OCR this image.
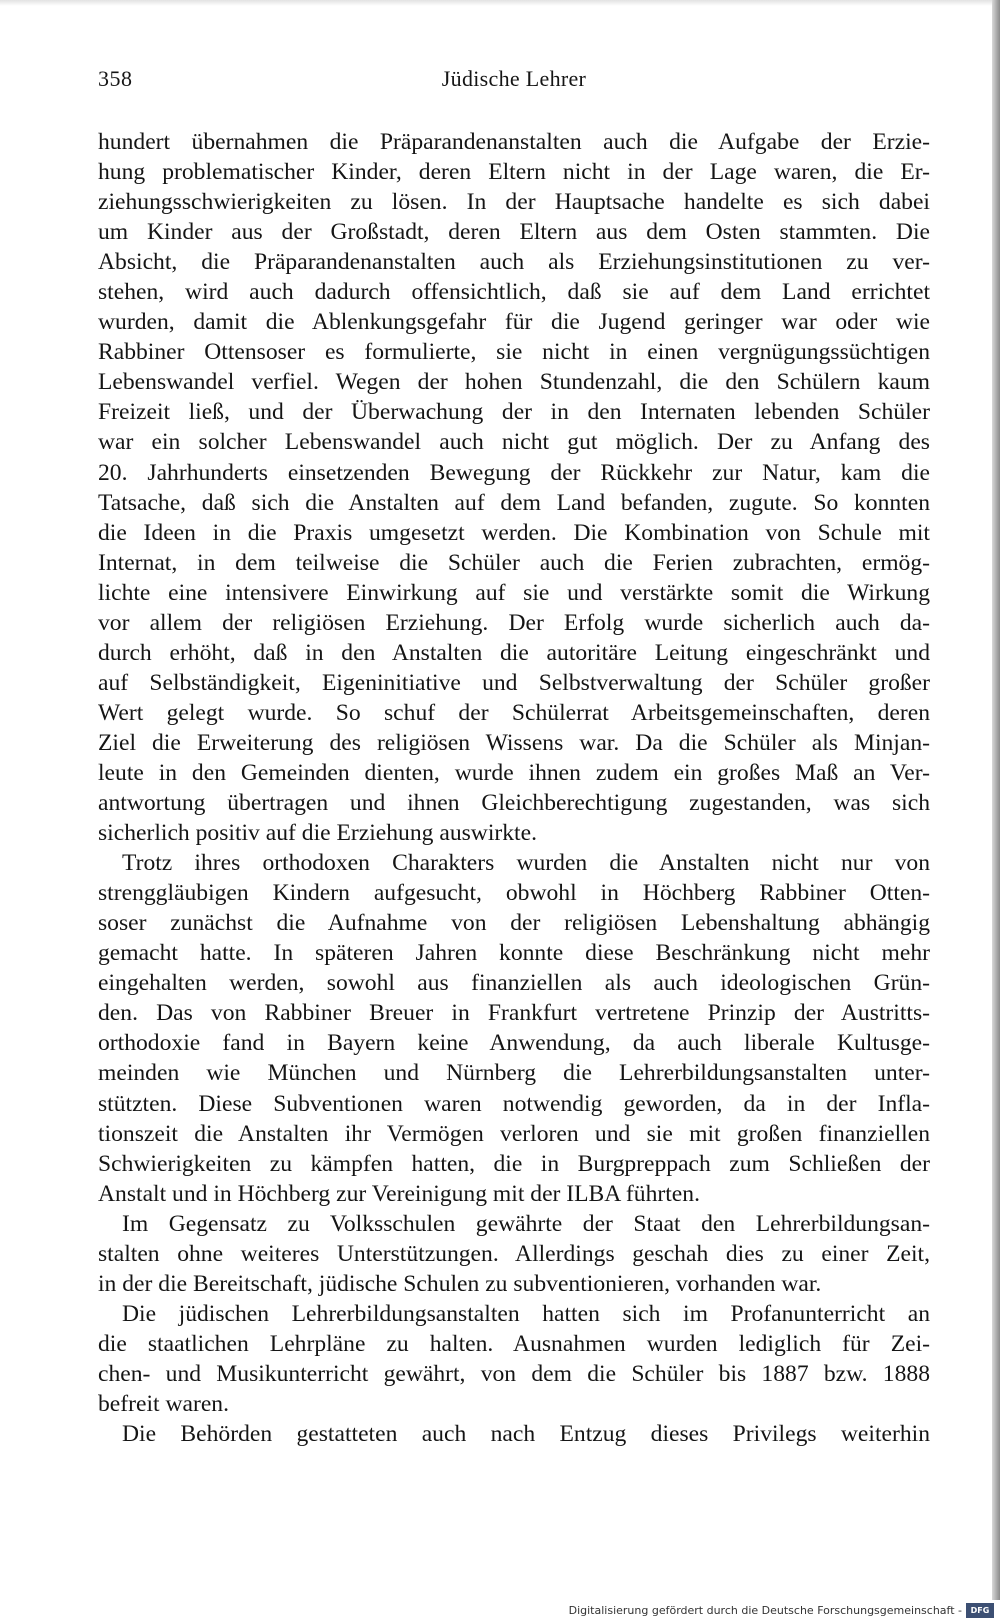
358	Jüdische Lehrer
hundert übernahmen die Präparandenanstalten auch die Aufgabe der Erzie-
hung problematischer Kinder, deren Eltern nicht in der Lage waren, die Er-
ziehungsschwierigkeiten zu lösen. In der Hauptsache handelte es sich dabei
um Kinder aus der Großstadt, deren Eltern aus dem Osten stammten. Die
Absicht, die Präparandenanstalten auch als Erziehungsinstitutionen zu ver-
stehen, wird auch dadurch offensichtlich, daß sie auf dem Land errichtet
wurden, damit die Ablenkungsgefahr für die Jugend geringer war oder wie
Rabbiner Ottensoser es formulierte, sie nicht in einen vergnügungssüchtigen
Lebenswandel verfiel. Wegen der hohen Stundenzahl, die den Schülern kaum
Freizeit ließ, und der Überwachung der in den Internaten lebenden Schüler
war ein solcher Lebenswandel auch nicht gut möglich. Der zu Anfang des
20. Jahrhunderts einsetzenden Bewegung der Rückkehr zur Natur, kam die
Tatsache, daß sich die Anstalten auf dem Land befanden, zugute. So konnten
die Ideen in die Praxis umgesetzt werden. Die Kombination von Schule mit
Internat, in dem teilweise die Schüler auch die Ferien zubrachten, ermög-
lichte eine intensivere Einwirkung auf sie und verstärkte somit die Wirkung
vor allem der religiösen Erziehung. Der Erfolg wurde sicherlich auch da-
durch erhöht, daß in den Anstalten die autoritäre Leitung eingeschränkt und
auf Selbständigkeit, Eigeninitiative und Selbstverwaltung der Schüler großer
Wert gelegt wurde. So schuf der Schülerrat Arbeitsgemeinschaften, deren
Ziel die Erweiterung des religiösen Wissens war. Da die Schüler als Minjan-
leute in den Gemeinden dienten, wurde ihnen zudem ein großes Maß an Ver-
antwortung übertragen und ihnen Gleichberechtigung zugestanden, was sich
sicherlich positiv auf die Erziehung auswirkte.
Trotz ihres orthodoxen Charakters wurden die Anstalten nicht nur von
strenggläubigen Kindern aufgesucht, obwohl in Höchberg Rabbiner Otten-
soser zunächst die Aufnahme von der religiösen Lebenshaltung abhängig
gemacht hatte. In späteren Jahren konnte diese Beschränkung nicht mehr
eingehalten werden, sowohl aus finanziellen als auch ideologischen Grün-
den. Das von Rabbiner Breuer in Frankfurt vertretene Prinzip der Austritts-
orthodoxie fand in Bayern keine Anwendung, da auch liberale Kultusge-
meinden wie München und Nürnberg die Lehrerbildungsanstalten unter-
stützten. Diese Subventionen waren notwendig geworden, da in der Infla-
tionszeit die Anstalten ihr Vermögen verloren und sie mit großen finanziellen
Schwierigkeiten zu kämpfen hatten, die in Burgpreppach zum Schließen der
Anstalt und in Höchberg zur Vereinigung mit der ILBA führten.
Im Gegensatz zu Volksschulen gewährte der Staat den Lehrerbildungsan-
stalten ohne weiteres Unterstützungen. Allerdings geschah dies zu einer Zeit,
in der die Bereitschaft, jüdische Schulen zu subventionieren, vorhanden war.
Die jüdischen Lehrerbildungsanstalten hatten sich im Profanunterricht an
die staatlichen Lehrpläne zu halten. Ausnahmen wurden lediglich für Zei-
chen- und Musikunterricht gewährt, von dem die Schüler bis 1887 bzw. 1888
befreit waren.
Die Behörden gestatteten auch nach Entzug dieses Privilegs weiterhin
Digitalisierung gefördert durch die Deutsche Forschungsgemeinschaft -	DFG
